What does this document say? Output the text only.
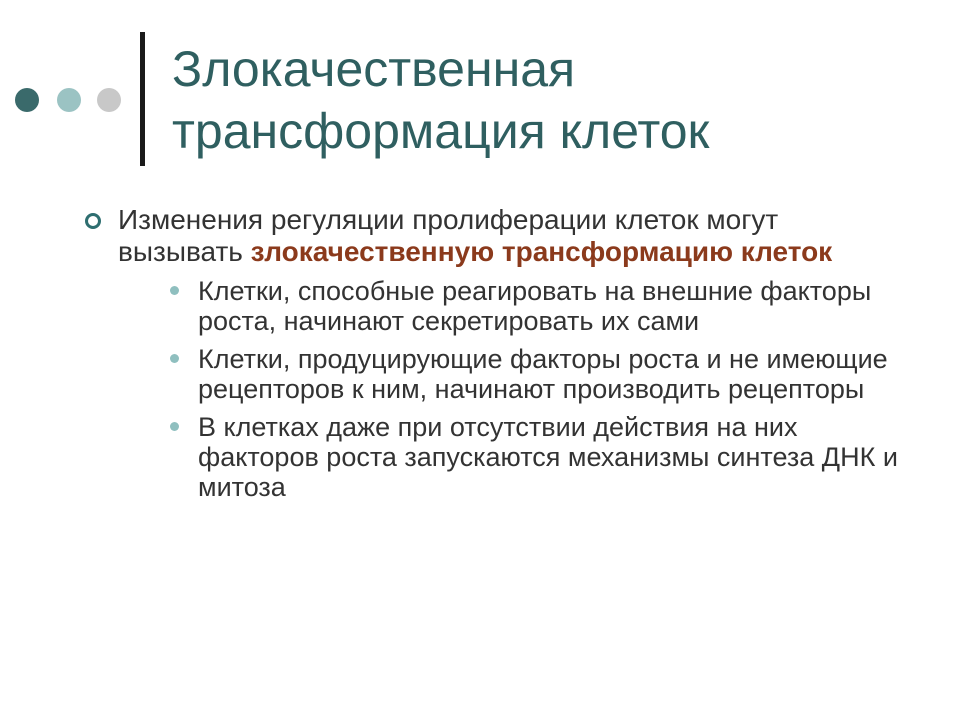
Злокачественная
трансформация клеток
Изменения регуляции пролиферации клеток могут вызывать злокачественную трансформацию клеток
Клетки, способные реагировать на внешние факторы роста, начинают секретировать их сами
Клетки, продуцирующие факторы роста и не имеющие рецепторов к ним, начинают производить рецепторы
В клетках даже при отсутствии действия на них факторов роста запускаются механизмы синтеза ДНК и митоза
